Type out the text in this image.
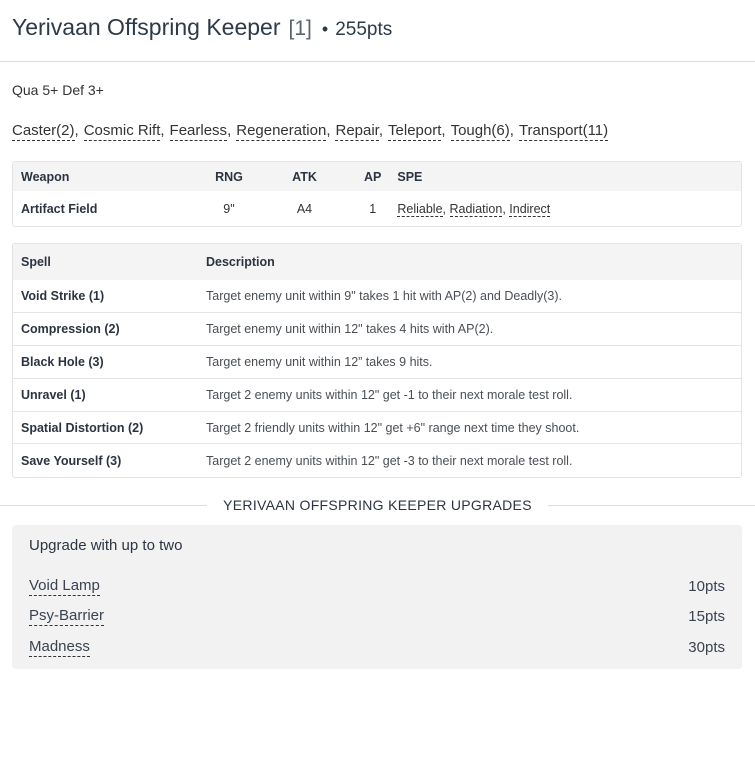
Yerivaan Offspring Keeper [1] • 255pts
Qua 5+ Def 3+
Caster(2), Cosmic Rift, Fearless, Regeneration, Repair, Teleport, Tough(6), Transport(11)
Weapon	RNG	ATK	AP	SPE
Artifact Field	9"	A4	1	Reliable, Radiation, Indirect
Spell	Description
Void Strike (1)	Target enemy unit within 9" takes 1 hit with AP(2) and Deadly(3).
Compression (2)	Target enemy unit within 12" takes 4 hits with AP(2).
Black Hole (3)	Target enemy unit within 12” takes 9 hits.
Unravel (1)	Target 2 enemy units within 12" get -1 to their next morale test roll.
Spatial Distortion (2)	Target 2 friendly units within 12" get +6" range next time they shoot.
Save Yourself (3)	Target 2 enemy units within 12" get -3 to their next morale test roll.
YERIVAAN OFFSPRING KEEPER UPGRADES
Upgrade with up to two
Void Lamp	10pts
Psy-Barrier	15pts
Madness	30pts
